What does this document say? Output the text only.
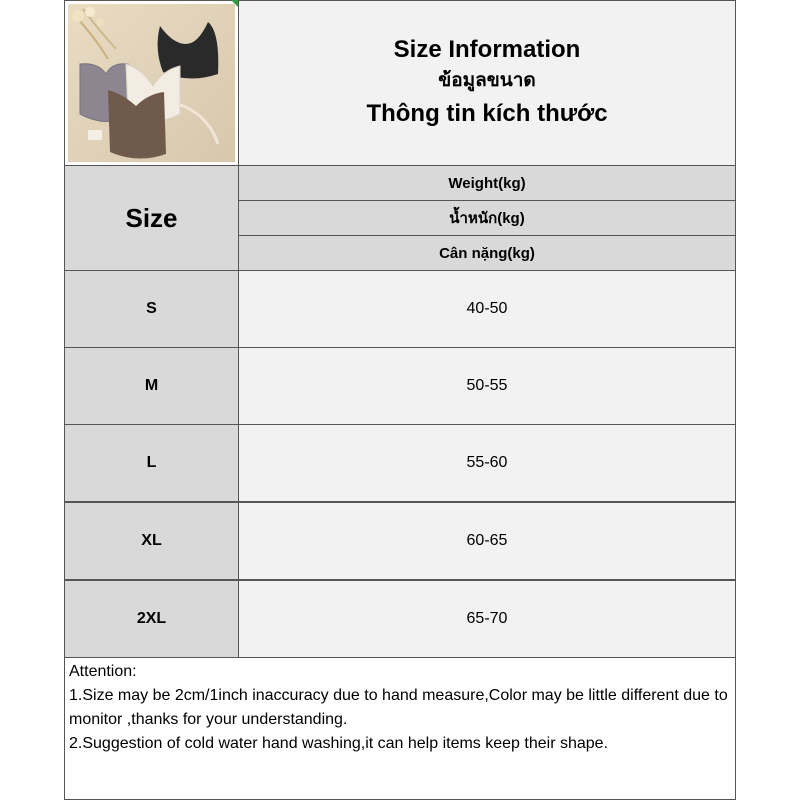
Size Information
ข้อมูลขนาด
Thông tin kích thước
Size
Weight(kg)
น้ำหนัก(kg)
Cân nặng(kg)
S	40-50
M	50-55
L	55-60
XL	60-65
2XL	65-70

Attention:

1.Size may be 2cm/1inch inaccuracy due to hand measure,Color may be little different due to monitor ,thanks for your understanding.

2.Suggestion of cold water hand washing,it can help items keep their shape.
